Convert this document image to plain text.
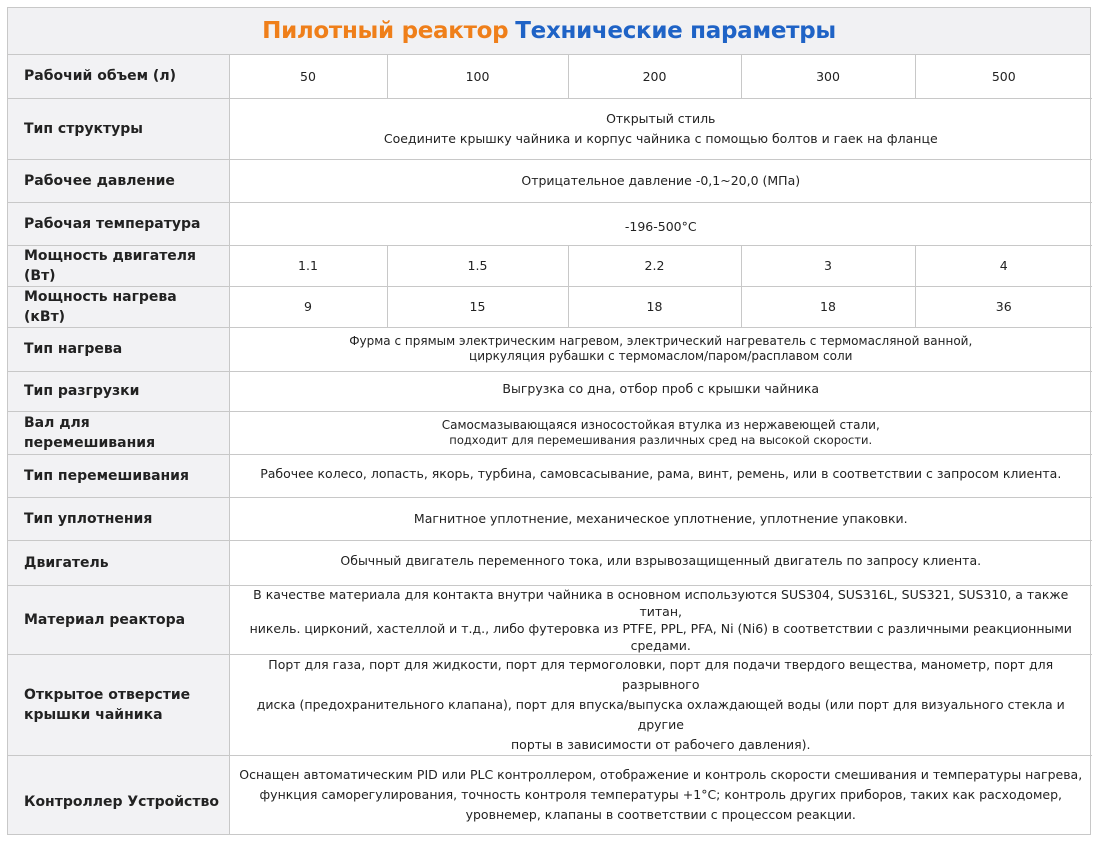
Пилотный реактор Технические параметры
Рабочий объем (л)	50	100	200	300	500
Тип структуры	Открытый стиль
Соедините крышку чайника и корпус чайника с помощью болтов и гаек на фланце				

Рабочее давление	Отрицательное давление -0,1~20,0 (МПа)				
Рабочая температура	-196-500°C				
Мощность двигателя (Вт)	1.1	1.5	2.2	3	4
Мощность нагрева (кВт)	9	15	18	18	36
Тип нагрева	Фурма с прямым электрическим нагревом, электрический нагреватель с термомасляной ванной,
циркуляция рубашки с термомаслом/паром/расплавом соли				

Тип разгрузки	Выгрузка со дна, отбор проб с крышки чайника				
Вал для перемешивания	Самосмазывающаяся износостойкая втулка из нержавеющей стали,
подходит для перемешивания различных сред на высокой скорости.				

Тип перемешивания	Рабочее колесо, лопасть, якорь, турбина, самовсасывание, рама, винт, ремень, или в соответствии с запросом клиента.				
Тип уплотнения	Магнитное уплотнение, механическое уплотнение, уплотнение упаковки.				
Двигатель	Обычный двигатель переменного тока, или взрывозащищенный двигатель по запросу клиента.				
Материал реактора	В качестве материала для контакта внутри чайника в основном используются SUS304, SUS316L, SUS321, SUS310, а также титан,
никель. цирконий, хастеллой и т.д., либо футеровка из PTFE, PPL, PFA, Ni (Ni6) в соответствии с различными реакционными
средами.				

Открытое отверстие
крышки чайника	Порт для газа, порт для жидкости, порт для термоголовки, порт для подачи твердого вещества, манометр, порт для разрывного
диска (предохранительного клапана), порт для впуска/выпуска охлаждающей воды (или порт для визуального стекла и другие
порты в зависимости от рабочего давления).				

Контроллер Устройство	Оснащен автоматическим PID или PLC контроллером, отображение и контроль скорости смешивания и температуры нагрева,
функция саморегулирования, точность контроля температуры +1°C; контроль других приборов, таких как расходомер,
уровнемер, клапаны в соответствии с процессом реакции.				
